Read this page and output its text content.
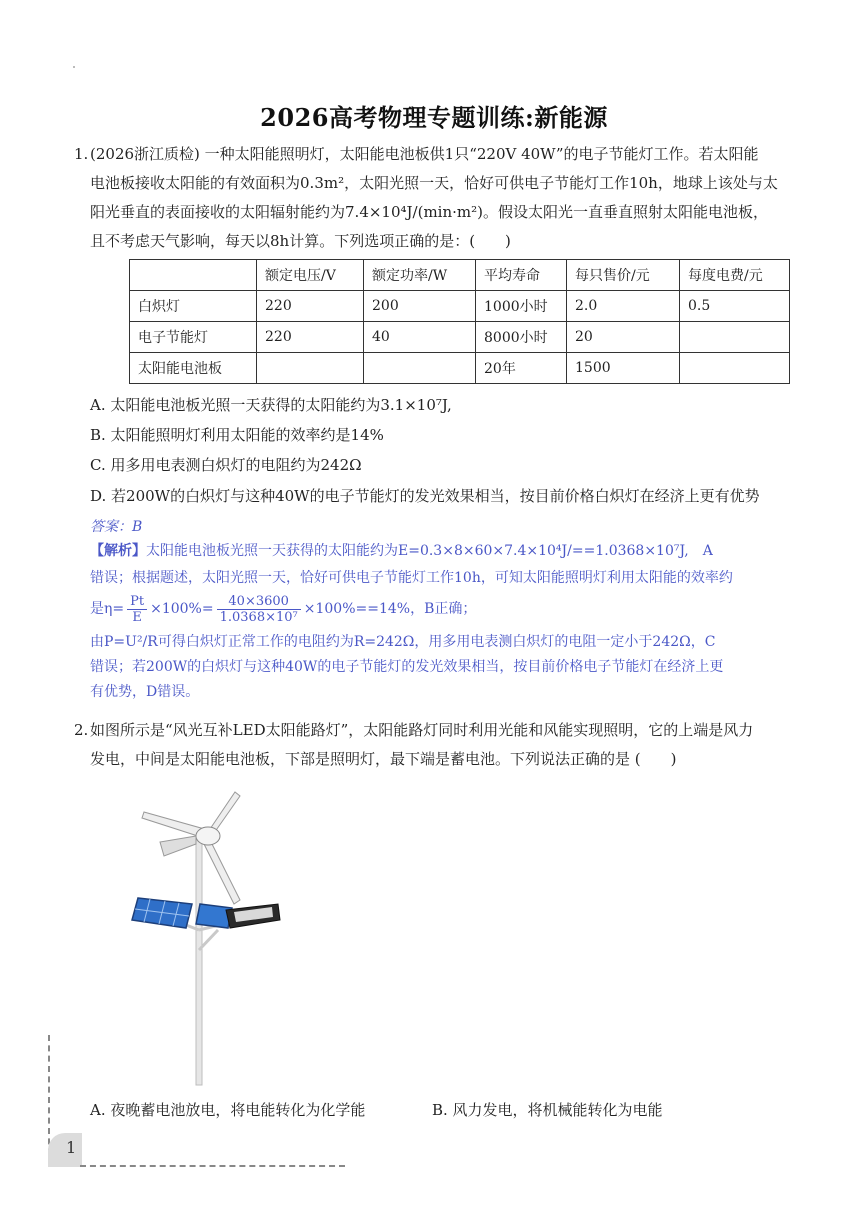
2026高考物理专题训练:新能源
1. (2026浙江质检) 一种太阳能照明灯，太阳能电池板供1只“220V 40W”的电子节能灯工作。若太阳能
电池板接收太阳能的有效面积为0.3m²，太阳光照一天，恰好可供电子节能灯工作10h，地球上该处与太
阳光垂直的表面接收的太阳辐射能约为7.4×10⁴J/(min·m²)。假设太阳光一直垂直照射太阳能电池板，
且不考虑天气影响，每天以8h计算。下列选项正确的是：(　　)
	额定电压/V	额定功率/W	平均寿命	每只售价/元	每度电费/元
白炽灯	220	200	1000小时	2.0	0.5
电子节能灯	220	40	8000小时	20	
太阳能电池板			20年	1500	
A. 太阳能电池板光照一天获得的太阳能约为3.1×10⁷J,
B. 太阳能照明灯利用太阳能的效率约是14%
C. 用多用电表测白炽灯的电阻约为242Ω
D. 若200W的白炽灯与这种40W的电子节能灯的发光效果相当，按目前价格白炽灯在经济上更有优势
答案：B
【解析】太阳能电池板光照一天获得的太阳能约为E=0.3×8×60×7.4×10⁴J/==1.0368×10⁷J,　A
错误；根据题述，太阳光照一天，恰好可供电子节能灯工作10h，可知太阳能照明灯利用太阳能的效率约
是$\eta= \frac{Pt}{E} \times 100\%= \frac{40\times 3600}{\text{1.0368×10⁷}} \times 100\%==14\%$，B正确；
由P=U²/R可得白炽灯正常工作的电阻约为R=242Ω，用多用电表测白炽灯的电阻一定小于242Ω，C
错误；若200W的白炽灯与这种40W的电子节能灯的发光效果相当，按目前价格电子节能灯在经济上更
有优势，D错误。
2. 如图所示是“风光互补LED太阳能路灯”，太阳能路灯同时利用光能和风能实现照明，它的上端是风力
发电，中间是太阳能电池板，下部是照明灯，最下端是蓄电池。下列说法正确的是 (　　)
A. 夜晚蓄电池放电，将电能转化为化学能	B. 风力发电，将机械能转化为电能
1
